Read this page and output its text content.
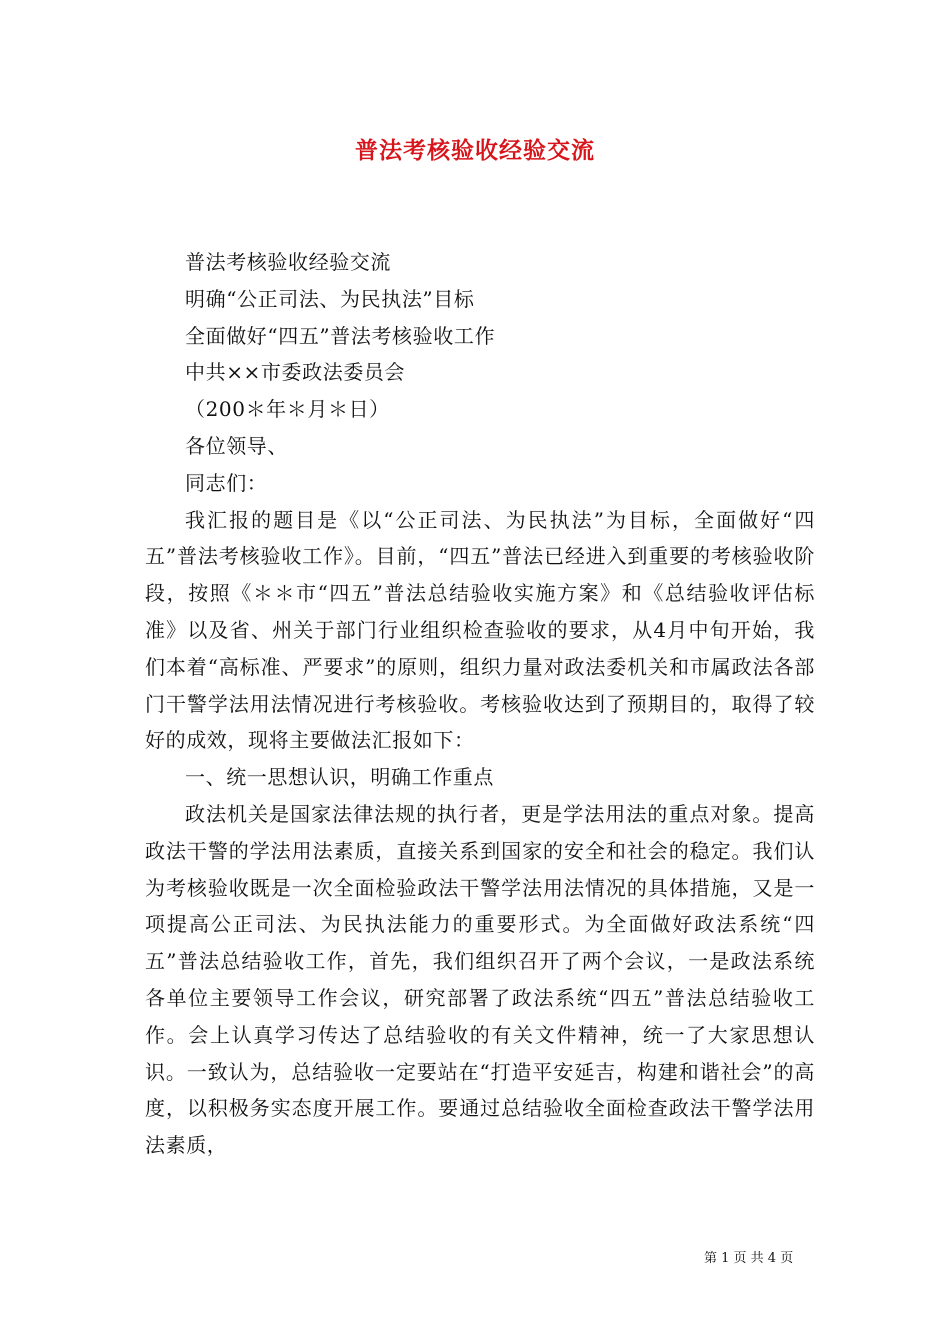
普法考核验收经验交流

普法考核验收经验交流

明确“公正司法、为民执法”目标

全面做好“四五”普法考核验收工作

中共××市委政法委员会

（200＊年＊月＊日）

各位领导、

同志们：

我汇报的题目是《以“公正司法、为民执法”为目标，全面做好“四五”普法考核验收工作》。目前，“四五”普法已经进入到重要的考核验收阶段，按照《＊＊市“四五”普法总结验收实施方案》和《总结验收评估标准》以及省、州关于部门行业组织检查验收的要求，从4月中旬开始，我们本着“高标准、严要求”的原则，组织力量对政法委机关和市属政法各部门干警学法用法情况进行考核验收。考核验收达到了预期目的，取得了较好的成效，现将主要做法汇报如下：

一、统一思想认识，明确工作重点

政法机关是国家法律法规的执行者，更是学法用法的重点对象。提高政法干警的学法用法素质，直接关系到国家的安全和社会的稳定。我们认为考核验收既是一次全面检验政法干警学法用法情况的具体措施，又是一项提高公正司法、为民执法能力的重要形式。为全面做好政法系统“四五”普法总结验收工作，首先，我们组织召开了两个会议，一是政法系统各单位主要领导工作会议，研究部署了政法系统“四五”普法总结验收工作。会上认真学习传达了总结验收的有关文件精神，统一了大家思想认识。一致认为，总结验收一定要站在“打造平安延吉，构建和谐社会”的高度，以积极务实态度开展工作。要通过总结验收全面检查政法干警学法用法素质，

第 1 页 共 4 页
